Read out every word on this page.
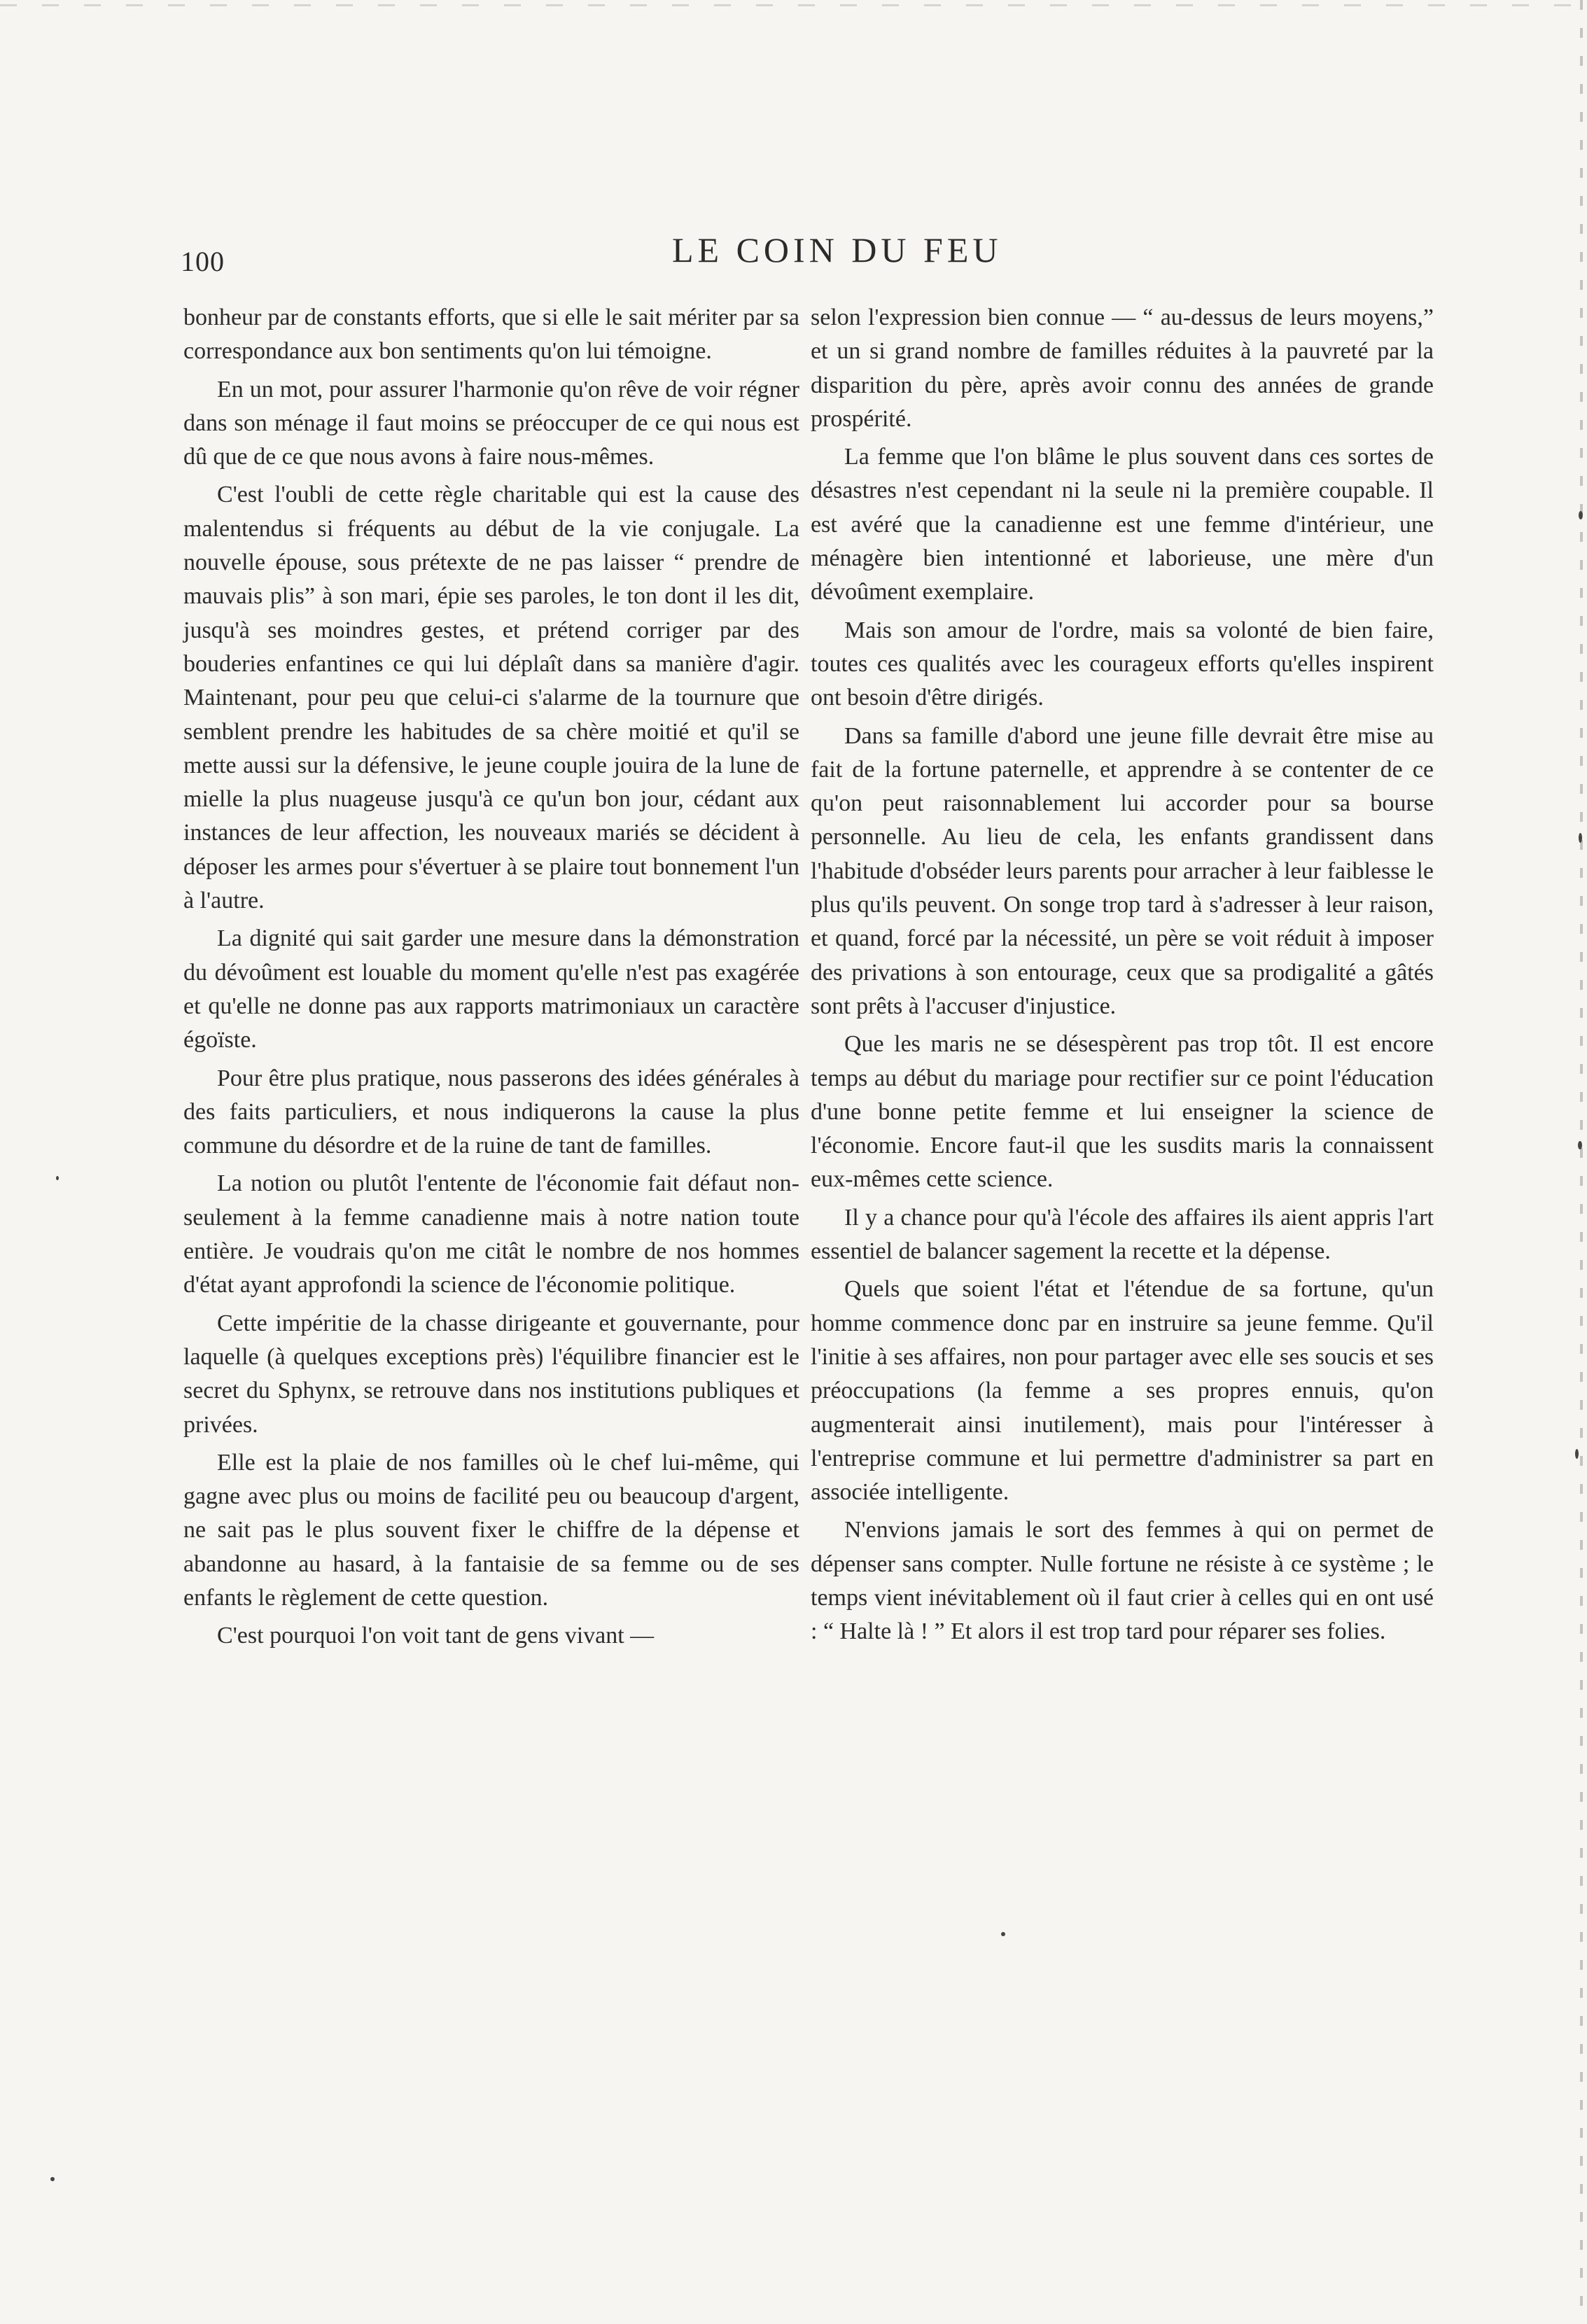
100	LE COIN DU FEU

bonheur par de constants efforts, que si elle le sait mériter par sa correspondance aux bon sentiments qu'on lui témoigne.

En un mot, pour assurer l'harmonie qu'on rêve de voir régner dans son ménage il faut moins se préoccuper de ce qui nous est dû que de ce que nous avons à faire nous-mêmes.

C'est l'oubli de cette règle charitable qui est la cause des malentendus si fréquents au début de la vie conjugale. La nouvelle épouse, sous prétexte de ne pas laisser “ prendre de mauvais plis” à son mari, épie ses paroles, le ton dont il les dit, jusqu'à ses moindres gestes, et prétend corriger par des bouderies enfantines ce qui lui déplaît dans sa manière d'agir. Maintenant, pour peu que celui-ci s'alarme de la tournure que semblent prendre les habitudes de sa chère moitié et qu'il se mette aussi sur la défensive, le jeune couple jouira de la lune de mielle la plus nuageuse jusqu'à ce qu'un bon jour, cédant aux instances de leur affection, les nouveaux mariés se décident à déposer les armes pour s'évertuer à se plaire tout bonnement l'un à l'autre.

La dignité qui sait garder une mesure dans la démonstration du dévoûment est louable du moment qu'elle n'est pas exagérée et qu'elle ne donne pas aux rapports matrimoniaux un caractère égoïste.

Pour être plus pratique, nous passerons des idées générales à des faits particuliers, et nous indiquerons la cause la plus commune du désordre et de la ruine de tant de familles.

La notion ou plutôt l'entente de l'économie fait défaut non-seulement à la femme canadienne mais à notre nation toute entière. Je voudrais qu'on me citât le nombre de nos hommes d'état ayant approfondi la science de l'économie politique.

Cette impéritie de la chasse dirigeante et gouvernante, pour laquelle (à quelques exceptions près) l'équilibre financier est le secret du Sphynx, se retrouve dans nos institutions publiques et privées.

Elle est la plaie de nos familles où le chef lui-même, qui gagne avec plus ou moins de facilité peu ou beaucoup d'argent, ne sait pas le plus souvent fixer le chiffre de la dépense et abandonne au hasard, à la fantaisie de sa femme ou de ses enfants le règlement de cette question.

C'est pourquoi l'on voit tant de gens vivant —

selon l'expression bien connue — “ au-dessus de leurs moyens,” et un si grand nombre de familles réduites à la pauvreté par la disparition du père, après avoir connu des années de grande prospérité.

La femme que l'on blâme le plus souvent dans ces sortes de désastres n'est cependant ni la seule ni la première coupable. Il est avéré que la canadienne est une femme d'intérieur, une ménagère bien intentionné et laborieuse, une mère d'un dévoûment exemplaire.

Mais son amour de l'ordre, mais sa volonté de bien faire, toutes ces qualités avec les courageux efforts qu'elles inspirent ont besoin d'être dirigés.

Dans sa famille d'abord une jeune fille devrait être mise au fait de la fortune paternelle, et apprendre à se contenter de ce qu'on peut raisonnablement lui accorder pour sa bourse personnelle. Au lieu de cela, les enfants grandissent dans l'habitude d'obséder leurs parents pour arracher à leur faiblesse le plus qu'ils peuvent. On songe trop tard à s'adresser à leur raison, et quand, forcé par la nécessité, un père se voit réduit à imposer des privations à son entourage, ceux que sa prodigalité a gâtés sont prêts à l'accuser d'injustice.

Que les maris ne se désespèrent pas trop tôt. Il est encore temps au début du mariage pour rectifier sur ce point l'éducation d'une bonne petite femme et lui enseigner la science de l'économie. Encore faut-il que les susdits maris la connaissent eux-mêmes cette science.

Il y a chance pour qu'à l'école des affaires ils aient appris l'art essentiel de balancer sagement la recette et la dépense.

Quels que soient l'état et l'étendue de sa fortune, qu'un homme commence donc par en instruire sa jeune femme. Qu'il l'initie à ses affaires, non pour partager avec elle ses soucis et ses préoccupations (la femme a ses propres ennuis, qu'on augmenterait ainsi inutilement), mais pour l'intéresser à l'entreprise commune et lui permettre d'administrer sa part en associée intelligente.

N'envions jamais le sort des femmes à qui on permet de dépenser sans compter. Nulle fortune ne résiste à ce système ; le temps vient inévitablement où il faut crier à celles qui en ont usé : “ Halte là ! ” Et alors il est trop tard pour réparer ses folies.
